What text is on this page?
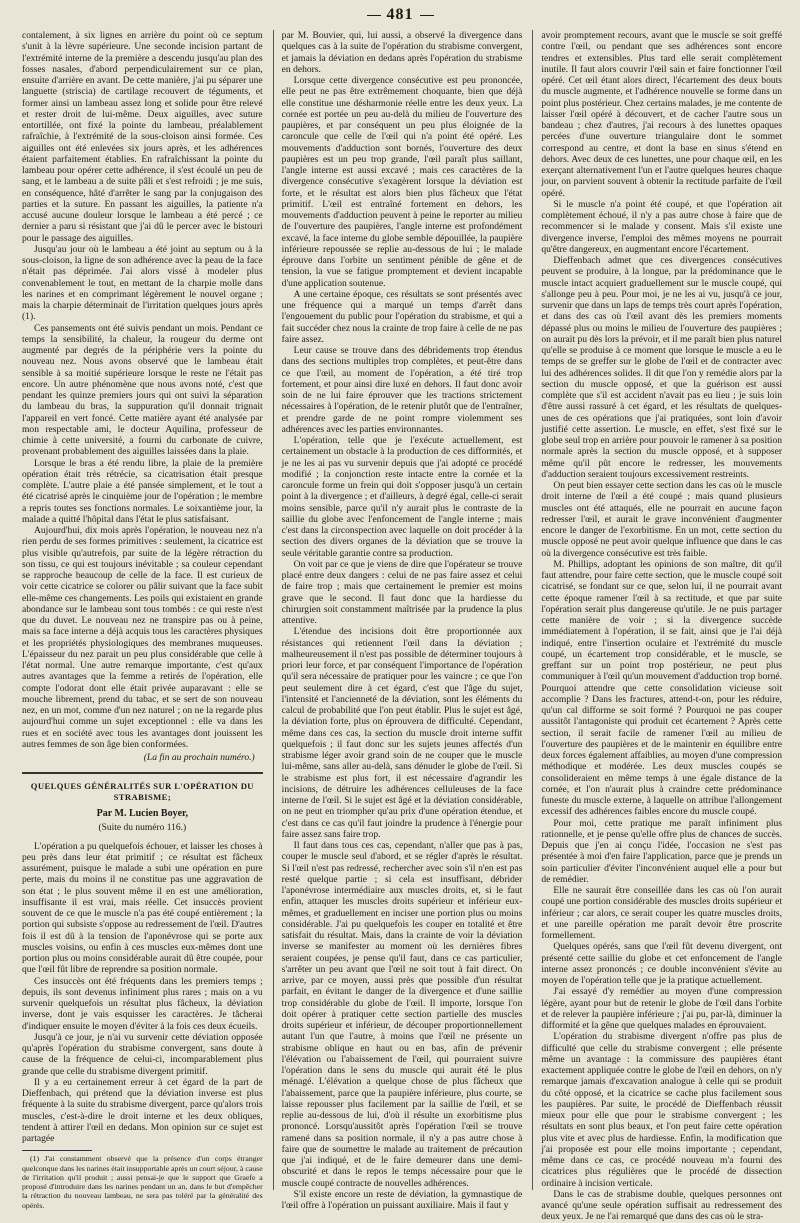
481

contalement, à six lignes en arrière du point où ce septum s'unit à la lèvre supérieure. Une seconde incision partant de l'extrémité interne de la première a descendu jusqu'au plan des fosses nasales, d'abord perpendiculairement sur ce plan, ensuite d'arrière en avant. De cette manière, j'ai pu séparer une languette (striscia) de cartilage recouvert de téguments, et former ainsi un lambeau assez long et solide pour être relevé et rester droit de lui-même. Deux aiguilles, avec suture entortillée, ont fixé la pointe du lambeau, préalablement rafraîchie, à l'extrémité de la sous-cloison ainsi formée. Ces aiguilles ont été enlevées six jours après, et les adhérences étaient parfaitement établies. En rafraîchissant la pointe du lambeau pour opérer cette adhérence, il s'est écoulé un peu de sang, et le lambeau a de suite pâli et s'est refroidi ; je me suis, en conséquence, hâté d'arrêter le sang par la conjugaison des parties et la suture. En passant les aiguilles, la patiente n'a accusé aucune douleur lorsque le lambeau a été percé ; ce dernier a paru si résistant que j'ai dû le percer avec le bistouri pour le passage des aiguilles.

Jusqu'au jour où le lambeau a été joint au septum ou à la sous-cloison, la ligne de son adhérence avec la peau de la face n'était pas déprimée. J'ai alors vissé à modeler plus convenablement le tout, en mettant de la charpie molle dans les narines et en comprimant légèrement le nouvel organe ; mais la charpie déterminait de l'irritation quelques jours après (1).

Ces pansements ont été suivis pendant un mois. Pendant ce temps la sensibilité, la chaleur, la rougeur du derme ont augmenté par degrés de la périphérie vers la pointe du nouveau nez. Nous avons observé que le lambeau était sensible à sa moitié supérieure lorsque le reste ne l'était pas encore. Un autre phénomène que nous avons noté, c'est que pendant les quinze premiers jours qui ont suivi la séparation du lambeau du bras, la suppuration qu'il donnait trignait l'appareil en vert foncé. Cette matière ayant été analysée par mon respectable ami, le docteur Aquilina, professeur de chimie à cette université, a fourni du carbonate de cuivre, provenant probablement des aiguilles laissées dans la plaie.

Lorsque le bras a été rendu libre, la plaie de la première opération était très rétrécie, sa cicatrisation était presque complète. L'autre plaie a été pansée simplement, et le tout a été cicatrisé après le cinquième jour de l'opération ; le membre a repris toutes ses fonctions normales. Le soixantième jour, la malade a quitté l'hôpital dans l'état le plus satisfaisant.

Aujourd'hui, dix mois après l'opération, le nouveau nez n'a rien perdu de ses formes primitives : seulement, la cicatrice est plus visible qu'autrefois, par suite de la légère rétraction du son tissu, ce qui est toujours inévitable ; sa couleur cependant se rapproche beaucoup de celle de la face. Il est curieux de voir cette cicatrice se colorer ou pâlir suivant que la face subit elle-même ces changements. Les poils qui existaient en grande abondance sur le lambeau sont tous tombés : ce qui reste n'est que du duvet. Le nouveau nez ne transpire pas ou à peine, mais sa face interne a déjà acquis tous les caractères physiques et les propriétés physiologiques des membranes muqueuses. L'épaisseur du nez parait un peu plus considérable que celle à l'état normal. Une autre remarque importante, c'est qu'aux autres avantages que la femme a retirés de l'opération, elle compte l'odorat dont elle était privée auparavant : elle se mouche librement, prend du tabac, et se sert de son nouveau nez, en un mot, comme d'un nez naturel ; on ne la regarde plus aujourd'hui comme un sujet exceptionnel : elle va dans les rues et en société avec tous les avantages dont jouissent les autres femmes de son âge bien conformées.

(La fin au prochain numéro.)

QUELQUES GÉNÉRALITÉS SUR L'OPÉRATION DU STRABISME;

Par M. Lucien Boyer,

(Suite du numéro 116.)

L'opération a pu quelquefois échouer, et laisser les choses à peu près dans leur état primitif ; ce résultat est fâcheux assurément, puisque le malade a subi une opération en pure perte, mais du moins il ne constitue pas une aggravation de son état ; le plus souvent même il en est une amélioration, insuffisante il est vrai, mais réelle. Cet insuccès provient souvent de ce que le muscle n'a pas été coupé entièrement ; la portion qui subsiste s'oppose au redressement de l'œil. D'autres fois il est dû à la tension de l'aponévrose qui se porte aux muscles voisins, ou enfin à ces muscles eux-mêmes dont une portion plus ou moins considérable aurait dû être coupée, pour que l'œil fût libre de reprendre sa position normale.

Ces insuccès ont été fréquents dans les premiers temps ; depuis, ils sont devenus infiniment plus rares ; mais on a vu survenir quelquefois un résultat plus fâcheux, la déviation inverse, dont je vais esquisser les caractères. Je tâcherai d'indiquer ensuite le moyen d'éviter à la fois ces deux écueils.

Jusqu'à ce jour, je n'ai vu survenir cette déviation opposée qu'après l'opération du strabisme convergent, sans doute à cause de la fréquence de celui-ci, incomparablement plus grande que celle du strabisme divergent primitif.

Il y a eu certainement erreur à cet égard de la part de Dieffenbach, qui prétend que la déviation inverse est plus fréquente à la suite du strabisme divergent, parce qu'alors trois muscles, c'est-à-dire le droit interne et les deux obliques, tendent à attirer l'œil en dedans. Mon opinion sur ce sujet est partagée

(1) J'ai constamment observé que la présence d'un corps étranger quelconque dans les narines était insupportable après un court séjour, à cause de l'irritation qu'il produit ; aussi pensai-je que le support que Graefe a proposé d'introduire dans les narines pendant un an, dans le but d'empêcher la rétraction du nouveau lambeau, ne sera pas toléré par la généralité des opérés.

par M. Bouvier, qui, lui aussi, a observé la divergence dans quelques cas à la suite de l'opération du strabisme convergent, et jamais la déviation en dedans après l'opération du strabisme en dehors.

Lorsque cette divergence consécutive est peu prononcée, elle peut ne pas être extrêmement choquante, bien que déjà elle constitue une désharmonie réelle entre les deux yeux. La cornée est portée un peu au-delà du milieu de l'ouverture des paupières, et par conséquent un peu plus éloignée de la caroncule que celle de l'œil qui n'a point été opéré. Les mouvements d'adduction sont bornés, l'ouverture des deux paupières est un peu trop grande, l'œil paraît plus saillant, l'angle interne est aussi excavé ; mais ces caractères de la divergence consécutive s'exagèrent lorsque la déviation est forte, et le résultat est alors bien plus fâcheux que l'état primitif. L'œil est entraîné fortement en dehors, les mouvements d'adduction peuvent à peine le reporter au milieu de l'ouverture des paupières, l'angle interne est profondément excavé, la face interne du globe semble dépouillée, la paupière inférieure repoussée se replie au-dessous de lui ; le malade éprouve dans l'orbite un sentiment pénible de gêne et de tension, la vue se fatigue promptement et devient incapable d'une application soutenue.

A une certaine époque, ces résultats se sont présentés avec une fréquence qui a marqué un temps d'arrêt dans l'engouement du public pour l'opération du strabisme, et qui a fait succéder chez nous la crainte de trop faire à celle de ne pas faire assez.

Leur cause se trouve dans des débridements trop étendus dans des sections multiples trop complètes, et peut-être dans ce que l'œil, au moment de l'opération, a été tiré trop fortement, et pour ainsi dire luxé en dehors. Il faut donc avoir soin de ne lui faire éprouver que les tractions strictement nécessaires à l'opération, de le retenir plutôt que de l'entraîner, et prendre garde de ne point rompre violemment ses adhérences avec les parties environnantes.

L'opération, telle que je l'exécute actuellement, est certainement un obstacle à la production de ces difformités, et je ne les ai pas vu survenir depuis que j'ai adopté ce procédé modifié ; la conjonction reste intacte entre la cornée et la caroncule forme un frein qui doit s'opposer jusqu'à un certain point à la divergence ; et d'ailleurs, à degré égal, celle-ci serait moins sensible, parce qu'il n'y aurait plus le contraste de la saillie du globe avec l'enfoncement de l'angle interne ; mais c'est dans la circonspection avec laquelle on doit procéder à la section des divers organes de la déviation que se trouve la seule véritable garantie contre sa production.

On voit par ce que je viens de dire que l'opérateur se trouve placé entre deux dangers : celui de ne pas faire assez et celui de faire trop ; mais que certainement le premier est moins grave que le second. Il faut donc que la hardiesse du chirurgien soit constamment maîtrisée par la prudence la plus attentive.

L'étendue des incisions doit être proportionnée aux résistances qui retiennent l'œil dans la déviation ; malheureusement il n'est pas possible de déterminer toujours à priori leur force, et par conséquent l'importance de l'opération qu'il sera nécessaire de pratiquer pour les vaincre ; ce que l'on peut seulement dire à cet égard, c'est que l'âge du sujet, l'intensité et l'ancienneté de la déviation, sont les éléments du calcul de probabilité que l'on peut établir. Plus le sujet est âgé, la déviation forte, plus on éprouvera de difficulté. Cependant, même dans ces cas, la section du muscle droit interne suffit quelquefois ; il faut donc sur les sujets jeunes affectés d'un strabisme léger avoir grand soin de ne couper que le muscle lui-même, sans aller au-delà, sans dénuder le globe de l'œil. Si le strabisme est plus fort, il est nécessaire d'agrandir les incisions, de détruire les adhérences celluleuses de la face interne de l'œil. Si le sujet est âgé et la déviation considérable, on ne peut en triompher qu'au prix d'une opération étendue, et c'est dans ce cas qu'il faut joindre la prudence à l'énergie pour faire assez sans faire trop.

Il faut dans tous ces cas, cependant, n'aller que pas à pas, couper le muscle seul d'abord, et se régler d'après le résultat. Si l'œil n'est pas redressé, rechercher avec soin s'il n'en est pas resté quelque partie ; si cela est insuffisant, débrider l'aponévrose intermédiaire aux muscles droits, et, si le faut enfin, attaquer les muscles droits supérieur et inférieur eux-mêmes, et graduellement en inciser une portion plus ou moins considérable. J'ai pu quelquefois les couper en totalité et être satisfait du résultat. Mais, dans la crainte de voir la déviation inverse se manifester au moment où les dernières fibres seraient coupées, je pense qu'il faut, dans ce cas particulier, s'arrêter un peu avant que l'œil ne soit tout à fait direct. On arrive, par ce moyen, aussi près que possible d'un résultat parfait, en évitant le danger de la divergence et d'une saillie trop considérable du globe de l'œil. Il importe, lorsque l'on doit opérer à pratiquer cette section partielle des muscles droits supérieur et inférieur, de découper proportionnellement autant l'un que l'autre, à moins que l'œil ne présente un strabisme oblique en haut ou en bas, afin de prévenir l'élévation ou l'abaissement de l'œil, qui pourraient suivre l'opération dans le sens du muscle qui aurait été le plus ménagé. L'élévation a quelque chose de plus fâcheux que l'abaissement, parce que la paupière inférieure, plus courte, se laisse repousser plus facilement par la saillie de l'œil, et se replie au-dessous de lui, d'où il résulte un exorbitisme plus prononcé. Lorsqu'aussitôt après l'opération l'œil se trouve ramené dans sa position normale, il n'y a pas autre chose à faire que de soumettre le malade au traitement de précaution que j'ai indiqué, et de le faire demeurer dans une demi-obscurité et dans le repos le temps nécessaire pour que le muscle coupé contracte de nouvelles adhérences.

S'il existe encore un reste de déviation, la gymnastique de l'œil offre à l'opération un puissant auxiliaire. Mais il faut y

avoir promptement recours, avant que le muscle se soit greffé contre l'œil, ou pendant que ses adhérences sont encore tendres et extensibles. Plus tard elle serait complètement inutile. Il faut alors couvrir l'œil sain et faire fonctionner l'œil opéré. Cet œil étant alors direct, l'écartement des deux bouts du muscle augmente, et l'adhérence nouvelle se forme dans un point plus postérieur. Chez certains malades, je me contente de laisser l'œil opéré à découvert, et de cacher l'autre sous un bandeau ; chez d'autres, j'ai recours à des lunettes opaques percées d'une ouverture triangulaire dont le sommet correspond au centre, et dont la base en sinus s'étend en dehors. Avec deux de ces lunettes, une pour chaque œil, en les exerçant alternativement l'un et l'autre quelques heures chaque jour, on parvient souvent à obtenir la rectitude parfaite de l'œil opéré.

Si le muscle n'a point été coupé, et que l'opération ait complètement échoué, il n'y a pas autre chose à faire que de recommencer si le malade y consent. Mais s'il existe une divergence inverse, l'emploi des mêmes moyens ne pourrait qu'être dangereux, en augmentant encore l'écartement.

Dieffenbach admet que ces divergences consécutives peuvent se produire, à la longue, par la prédominance que le muscle intact acquiert graduellement sur le muscle coupé, qui s'allonge peu à peu. Pour moi, je ne les ai vu, jusqu'à ce jour, survenir que dans un laps de temps très court après l'opération, et dans des cas où l'œil avant dès les premiers moments dépassé plus ou moins le milieu de l'ouverture des paupières ; on aurait pu dès lors la prévoir, et il me paraît bien plus naturel qu'elle se produise à ce moment que lorsque le muscle a eu le temps de se greffer sur le globe de l'œil et de contracter avec lui des adhérences solides. Il dit que l'on y remédie alors par la section du muscle opposé, et que la guérison est aussi complète que s'il est accident n'avait pas eu lieu ; je suis loin d'être aussi rassuré à cet égard, et les résultats de quelques-unes de ces opérations que j'ai pratiquées, sont loin d'avoir justifié cette assertion. Le muscle, en effet, s'est fixé sur le globe seul trop en arrière pour pouvoir le ramener à sa position normale après la section du muscle opposé, et à supposer même qu'il pût encore le redresser, les mouvements d'adduction seraient toujours excessivement restreints.

On peut bien essayer cette section dans les cas où le muscle droit interne de l'œil a été coupé ; mais quand plusieurs muscles ont été attaqués, elle ne pourrait en aucune façon redresser l'œil, et aurait le grave inconvénient d'augmenter encore le danger de l'exorbitisme. En un mot, cette section du muscle opposé ne peut avoir quelque influence que dans le cas où la divergence consécutive est très faible.

M. Phillips, adoptant les opinions de son maître, dit qu'il faut attendre, pour faire cette section, que le muscle coupé soit cicatrisé, se fondant sur ce que, selon lui, il ne pourrait avant cette époque ramener l'œil à sa rectitude, et que par suite l'opération serait plus dangereuse qu'utile. Je ne puis partager cette manière de voir ; si la divergence succède immédiatement à l'opération, il se fait, ainsi que je l'ai déjà indiqué, entre l'insertion oculaire et l'extrémité du muscle coupé, un écartement trop considérable, et le muscle, se greffant sur un point trop postérieur, ne peut plus communiquer à l'œil qu'un mouvement d'adduction trop borné. Pourquoi attendre que cette consolidation vicieuse soit accomplie ? Dans les fractures, attend-t-on, pour les réduire, qu'un cal difforme se soit formé ? Pourquoi ne pas couper aussitôt l'antagoniste qui produit cet écartement ? Après cette section, il serait facile de ramener l'œil au milieu de l'ouverture des paupières et de le maintenir en équilibre entre deux forces également affaiblies, au moyen d'une compression méthodique et modérée. Les deux muscles coupés se consolideraient en même temps à une égale distance de la cornée, et l'on n'aurait plus à craindre cette prédominance funeste du muscle externe, à laquelle on attribue l'allongement excessif des adhérences faibles encore du muscle coupé.

Pour moi, cette pratique me paraît infiniment plus rationnelle, et je pense qu'elle offre plus de chances de succès. Depuis que j'en ai conçu l'idée, l'occasion ne s'est pas présentée à moi d'en faire l'application, parce que je prends un soin particulier d'éviter l'inconvénient auquel elle a pour but de remédier.

Elle ne saurait être conseillée dans les cas où l'on aurait coupé une portion considérable des muscles droits supérieur et inférieur ; car alors, ce serait couper les quatre muscles droits, et une pareille opération me paraît devoir être proscrite formellement.

Quelques opérés, sans que l'œil fût devenu divergent, ont présenté cette saillie du globe et cet enfoncement de l'angle interne assez prononcés ; ce double inconvénient s'évite au moyen de l'opération telle que je la pratique actuellement.

J'ai essayé d'y remédier au moyen d'une compression légère, ayant pour but de retenir le globe de l'œil dans l'orbite et de relever la paupière inférieure ; j'ai pu, par-là, diminuer la difformité et la gêne que quelques malades en éprouvaient.

L'opération du strabisme divergent n'offre pas plus de difficulté que celle du strabisme convergent ; elle présente même un avantage : la commissure des paupières étant exactement appliquée contre le globe de l'œil en dehors, on n'y remarque jamais d'excavation analogue à celle qui se produit du côté opposé, et la cicatrice se cache plus facilement sous les paupières. Par suite, le procédé de Dieffenbach réussit mieux pour elle que pour le strabisme convergent ; les résultats en sont plus beaux, et l'on peut faire cette opération plus vite et avec plus de hardiesse. Enfin, la modification que j'ai proposée est pour elle moins importante ; cependant, même dans ce cas, ce procédé nouveau m'a fourni des cicatrices plus régulières que le procédé de dissection ordinaire à incision verticale.

Dans le cas de strabisme double, quelques personnes ont avancé qu'une seule opération suffisait au redressement des deux yeux. Je ne l'ai remarqué que dans des cas où le stra-
